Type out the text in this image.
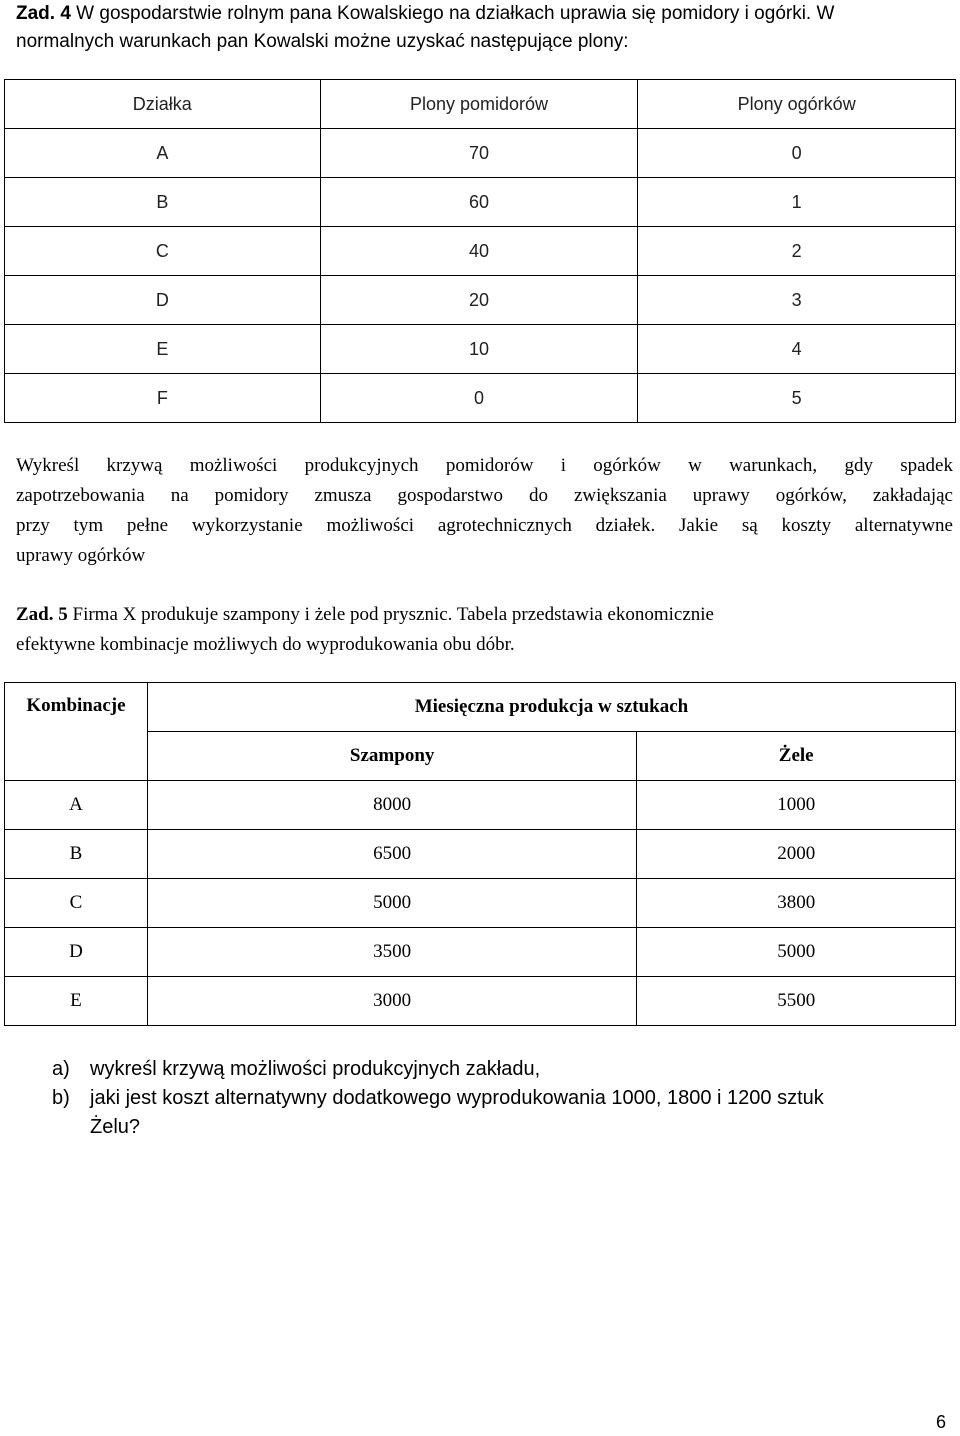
Zad. 4 W gospodarstwie rolnym pana Kowalskiego na działkach uprawia się pomidory i ogórki. W
normalnych warunkach pan Kowalski możne uzyskać następujące plony:
Działka	Plony pomidorów	Plony ogórków
A	70	0
B	60	1
C	40	2
D	20	3
E	10	4
F	0	5
Wykreśl krzywą możliwości produkcyjnych pomidorów i ogórków w warunkach, gdy spadek
zapotrzebowania na pomidory zmusza gospodarstwo do zwiększania uprawy ogórków, zakładając
przy tym pełne wykorzystanie możliwości agrotechnicznych działek. Jakie są koszty alternatywne
uprawy ogórków
Zad. 5 Firma X produkuje szampony i żele pod prysznic. Tabela przedstawia ekonomicznie
efektywne kombinacje możliwych do wyprodukowania obu dóbr.
Kombinacje	Miesięczna produkcja w sztukach	
	Szampony	Żele
A	8000	1000
B	6500	2000
C	5000	3800
D	3500	5000
E	3000	5500
a) wykreśl krzywą możliwości produkcyjnych zakładu,
b) jaki jest koszt alternatywny dodatkowego wyprodukowania 1000, 1800 i 1200 sztuk
Żelu?
6
